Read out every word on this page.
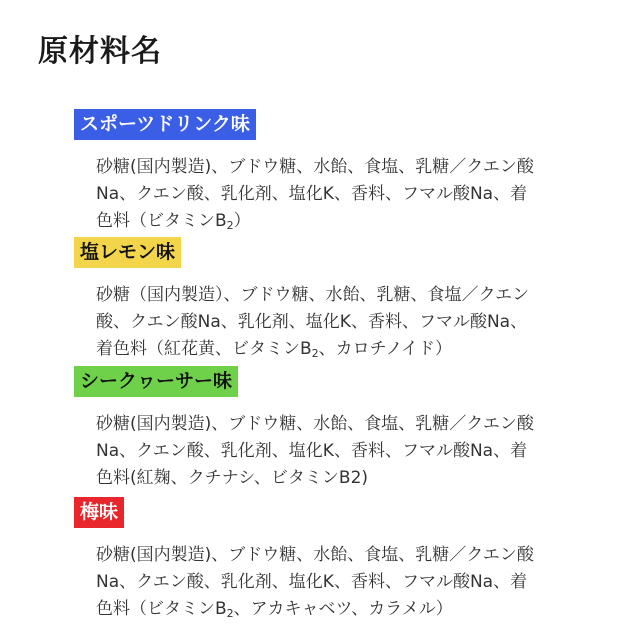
原材料名
スポーツドリンク味

砂糖(国内製造)、ブドウ糖、水飴、食塩、乳糖／クエン酸
Na、クエン酸、乳化剤、塩化K、香料、フマル酸Na、着
色料（ビタミン$B_2$）

塩レモン味

砂糖（国内製造）、ブドウ糖、水飴、乳糖、食塩／クエン
酸、クエン酸Na、乳化剤、塩化K、香料、フマル酸Na、
着色料（紅花黄、ビタミン$B_2$、カロチノイド）

シークヮーサー味

砂糖(国内製造)、ブドウ糖、水飴、食塩、乳糖／クエン酸
Na、クエン酸、乳化剤、塩化K、香料、フマル酸Na、着
色料(紅麹、クチナシ、ビタミンB2)

梅味

砂糖(国内製造)、ブドウ糖、水飴、食塩、乳糖／クエン酸
Na、クエン酸、乳化剤、塩化K、香料、フマル酸Na、着
色料（ビタミン$B_2$、アカキャベツ、カラメル）
